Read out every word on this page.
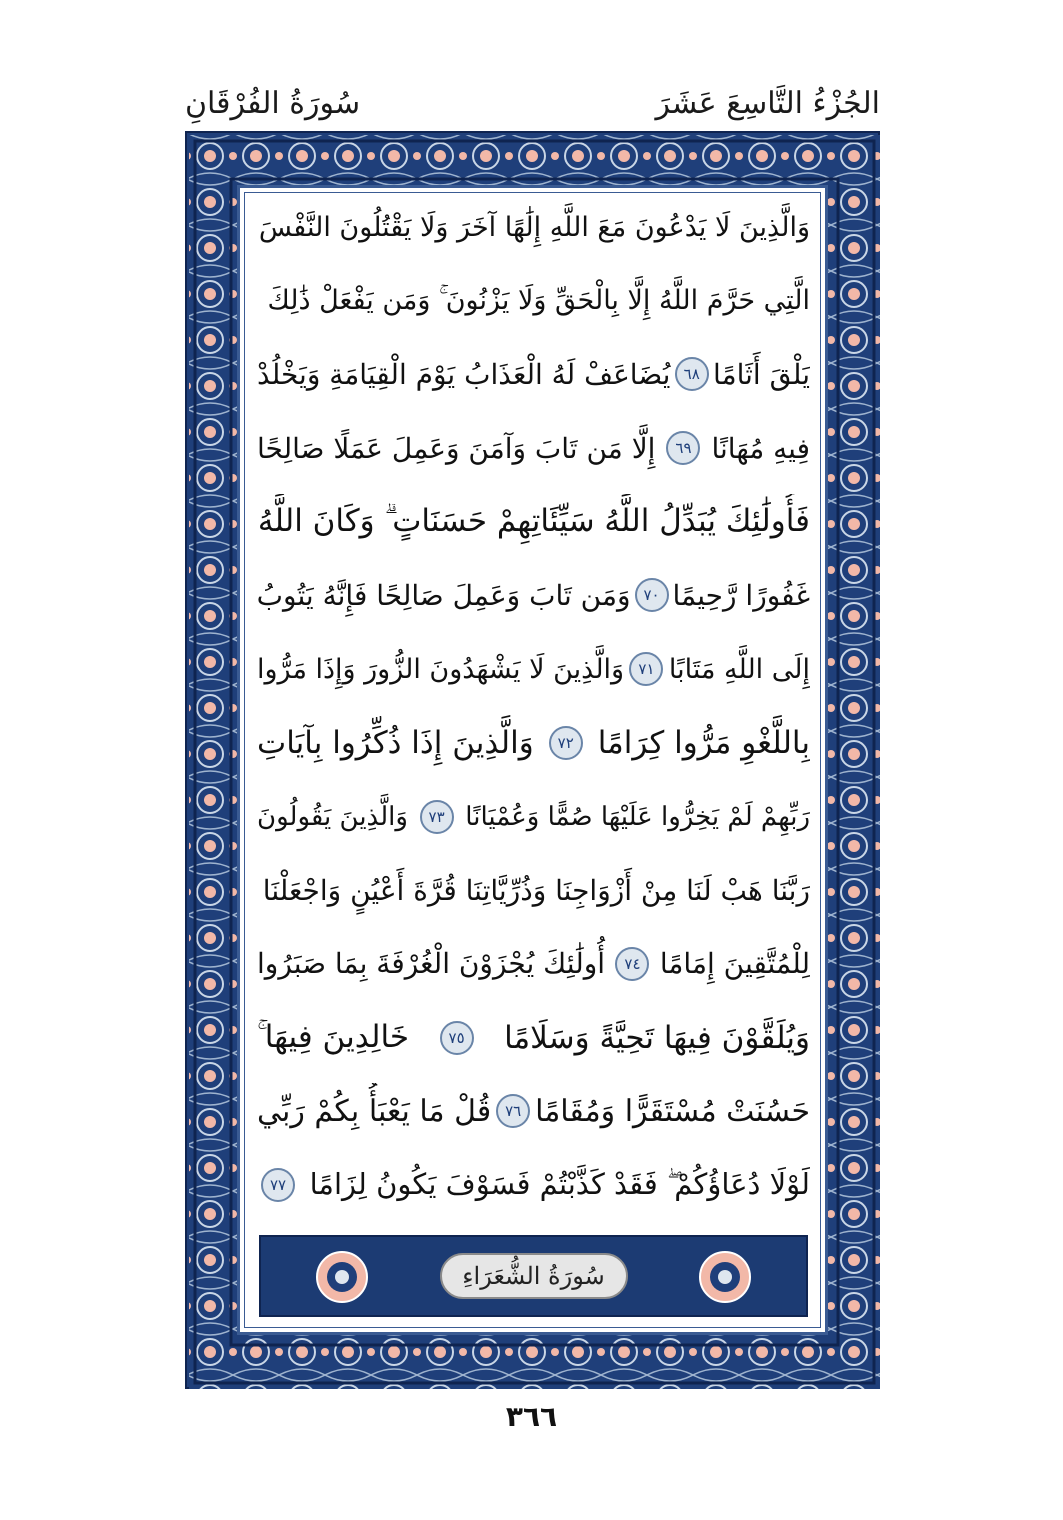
الجُزْءُ التَّاسِعَ عَشَرَ
سُورَةُ الفُرْقَانِ
وَالَّذِينَ لَا يَدْعُونَ مَعَ اللَّهِ إِلَٰهًا آخَرَ وَلَا يَقْتُلُونَ النَّفْسَ
الَّتِي حَرَّمَ اللَّهُ إِلَّا بِالْحَقِّ وَلَا يَزْنُونَ ۚ وَمَن يَفْعَلْ ذَٰلِكَ
يَلْقَ أَثَامًا
٦٨
يُضَاعَفْ لَهُ الْعَذَابُ يَوْمَ الْقِيَامَةِ وَيَخْلُدْ
فِيهِ مُهَانًا
٦٩
إِلَّا مَن تَابَ وَآمَنَ وَعَمِلَ عَمَلًا صَالِحًا
فَأُولَٰئِكَ يُبَدِّلُ اللَّهُ سَيِّئَاتِهِمْ حَسَنَاتٍ ۗ وَكَانَ اللَّهُ
غَفُورًا رَّحِيمًا
٧٠
وَمَن تَابَ وَعَمِلَ صَالِحًا فَإِنَّهُ يَتُوبُ
إِلَى اللَّهِ مَتَابًا
٧١
وَالَّذِينَ لَا يَشْهَدُونَ الزُّورَ وَإِذَا مَرُّوا
بِاللَّغْوِ مَرُّوا كِرَامًا
٧٢
وَالَّذِينَ إِذَا ذُكِّرُوا بِآيَاتِ
رَبِّهِمْ لَمْ يَخِرُّوا عَلَيْهَا صُمًّا وَعُمْيَانًا
٧٣
وَالَّذِينَ يَقُولُونَ
رَبَّنَا هَبْ لَنَا مِنْ أَزْوَاجِنَا وَذُرِّيَّاتِنَا قُرَّةَ أَعْيُنٍ وَاجْعَلْنَا
لِلْمُتَّقِينَ إِمَامًا
٧٤
أُولَٰئِكَ يُجْزَوْنَ الْغُرْفَةَ بِمَا صَبَرُوا
وَيُلَقَّوْنَ فِيهَا تَحِيَّةً وَسَلَامًا
٧٥
خَالِدِينَ فِيهَا ۚ
حَسُنَتْ مُسْتَقَرًّا وَمُقَامًا
٧٦
قُلْ مَا يَعْبَأُ بِكُمْ رَبِّي
لَوْلَا دُعَاؤُكُمْ ۖ فَقَدْ كَذَّبْتُمْ فَسَوْفَ يَكُونُ لِزَامًا
٧٧
سُورَةُ الشُّعَرَاءِ
٣٦٦
